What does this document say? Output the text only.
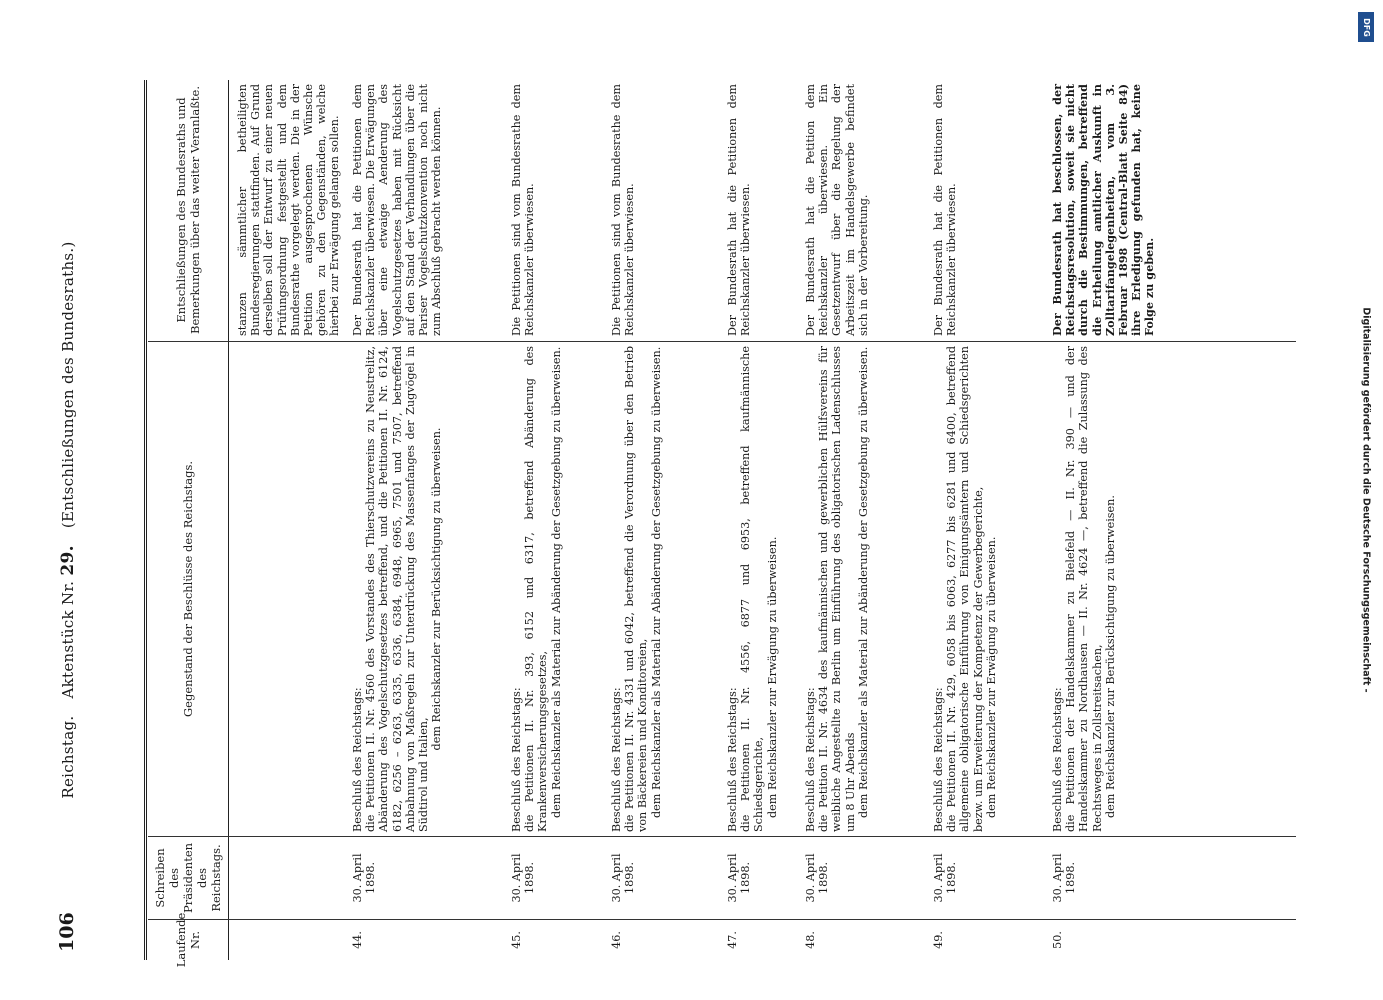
106
Reichstag. Aktenstück Nr. 29. (Entschließungen des Bundesraths.)
Laufende Nr.
Schreiben des Präsidenten des Reichstags.
Gegenstand der Beschlüsse des Reichstags.
Entschließungen des Bundesraths und Bemerkungen über das weiter Veranlaßte.	stanzen sämmtlicher betheiligten Bundesregierungen stattfinden. Auf Grund derselben soll der Entwurf zu einer neuen Prüfungsordnung festgestellt und dem Bundesrathe vorgelegt werden. Die in der Petition ausgesprochenen Wünsche gehören zu den Gegenständen, welche hierbei zur Erwägung gelangen sollen.
44.
30. April 1898.
Beschluß des Reichstags: die Petitionen II. Nr. 4560 des Vorstandes des Thierschutzvereins zu Neustrelitz, Abänderung des Vogelschutzgesetzes betreffend, und die Petitionen II. Nr. 6124, 6182, 6256 – 6263, 6335, 6336, 6384, 6948, 6965, 7501 und 7507, betreffend Anbahnung von Maßregeln zur Unterdrückung des Massenfanges der Zugvögel in Südtirol und Italien,
dem Reichskanzler zur Berücksichtigung zu überweisen.
Der Bundesrath hat die Petitionen dem Reichskanzler überwiesen. Die Erwägungen über eine etwaige Aenderung des Vogelschutzgesetzes haben mit Rücksicht auf den Stand der Verhandlungen über die Pariser Vogelschutzkonvention noch nicht zum Abschluß gebracht werden können.
45.
30. April 1898.
Beschluß des Reichstags: die Petitionen II. Nr. 393, 6152 und 6317, betreffend Abänderung des Krankenversicherungsgesetzes, dem Reichskanzler als Material zur Abänderung der Gesetzgebung zu überweisen.
Die Petitionen sind vom Bundesrathe dem Reichskanzler überwiesen.
46.
30. April 1898.
Beschluß des Reichstags: die Petitionen II. Nr. 4331 und 6042, betreffend die Verordnung über den Betrieb von Bäckereien und Konditoreien, dem Reichskanzler als Material zur Abänderung der Gesetzgebung zu überweisen.
Die Petitionen sind vom Bundesrathe dem Reichskanzler überwiesen.
47.
30. April 1898.
Beschluß des Reichstags: die Petitionen II. Nr. 4556, 6877 und 6953, betreffend kaufmännische Schiedsgerichte, dem Reichskanzler zur Erwägung zu überweisen.
Der Bundesrath hat die Petitionen dem Reichskanzler überwiesen.
48.
30. April 1898.
Beschluß des Reichstags: die Petition II. Nr. 4634 des kaufmännischen und gewerblichen Hülfsvereins für weibliche Angestellte zu Berlin um Einführung des obligatorischen Ladenschlusses um 8 Uhr Abends dem Reichskanzler als Material zur Abänderung der Gesetzgebung zu überweisen.
Der Bundesrath hat die Petition dem Reichskanzler überwiesen. Ein Gesetzentwurf über die Regelung der Arbeitszeit im Handelsgewerbe befindet sich in der Vorbereitung.
49.
30. April 1898.
Beschluß des Reichstags: die Petitionen II. Nr. 429, 6058 bis 6063, 6277 bis 6281 und 6400, betreffend allgemeine obligatorische Einführung von Einigungsämtern und Schiedsgerichten bezw. um Erweiterung der Kompetenz der Gewerbegerichte, dem Reichskanzler zur Erwägung zu überweisen.
Der Bundesrath hat die Petitionen dem Reichskanzler überwiesen.
50.
30. April 1898.
Beschluß des Reichstags: die Petitionen der Handelskammer zu Bielefeld — II. Nr. 390 — und der Handelskammer zu Nordhausen — II. Nr. 4624 —, betreffend die Zulassung des Rechtsweges in Zollstreitsachen, dem Reichskanzler zur Berücksichtigung zu überweisen.
Der Bundesrath hat beschlossen, der Reichstagsresolution, soweit sie nicht durch die Bestimmungen, betreffend die Ertheilung amtlicher Auskunft in Zolltarifangelegenheiten, vom 3. Februar 1898 (Central-Blatt Seite 84) ihre Erledigung gefunden hat, keine Folge zu geben.
Digitalisierung gefördert durch die Deutsche Forschungsgemeinschaft -
DFG
